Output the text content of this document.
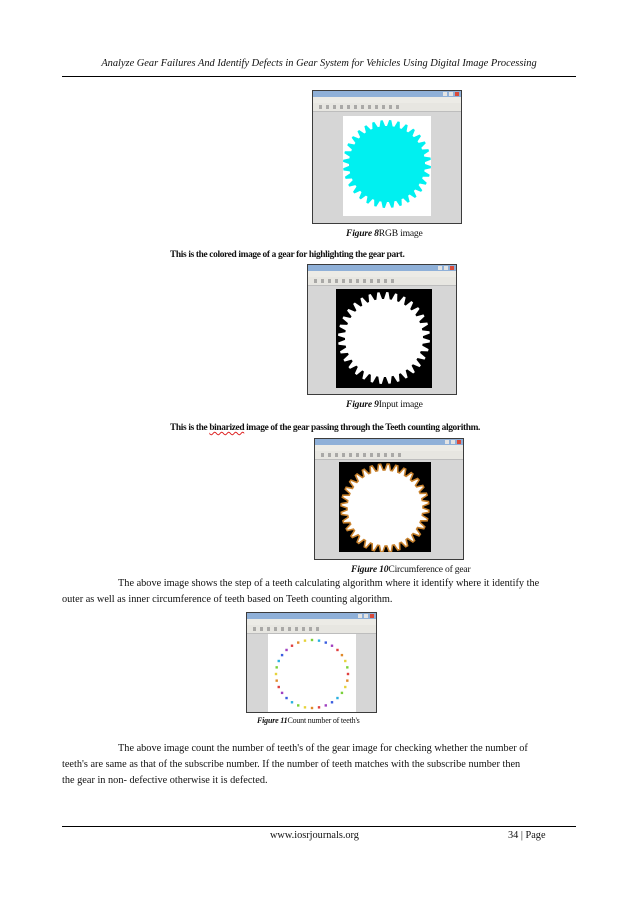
Analyze Gear Failures And Identify Defects in Gear System for Vehicles Using Digital Image Processing
Figure 8RGB image
This is the colored image of a gear for highlighting the gear part.
Figure 9Input image
This is the binarized image of the gear passing through the Teeth counting algorithm.
Figure 10Circumference of gear

The above image shows the step of a teeth calculating algorithm where it identify where it identify the

outer as well as inner circumference of teeth based on Teeth counting algorithm.

Figure 11Count number of teeth's

The above image count the number of teeth's of the gear image for checking whether the number of

teeth's are same as that of the subscribe number. If the number of teeth matches with the subscribe number then

the gear in non- defective otherwise it is defected.

www.iosrjournals.org	34 | Page
